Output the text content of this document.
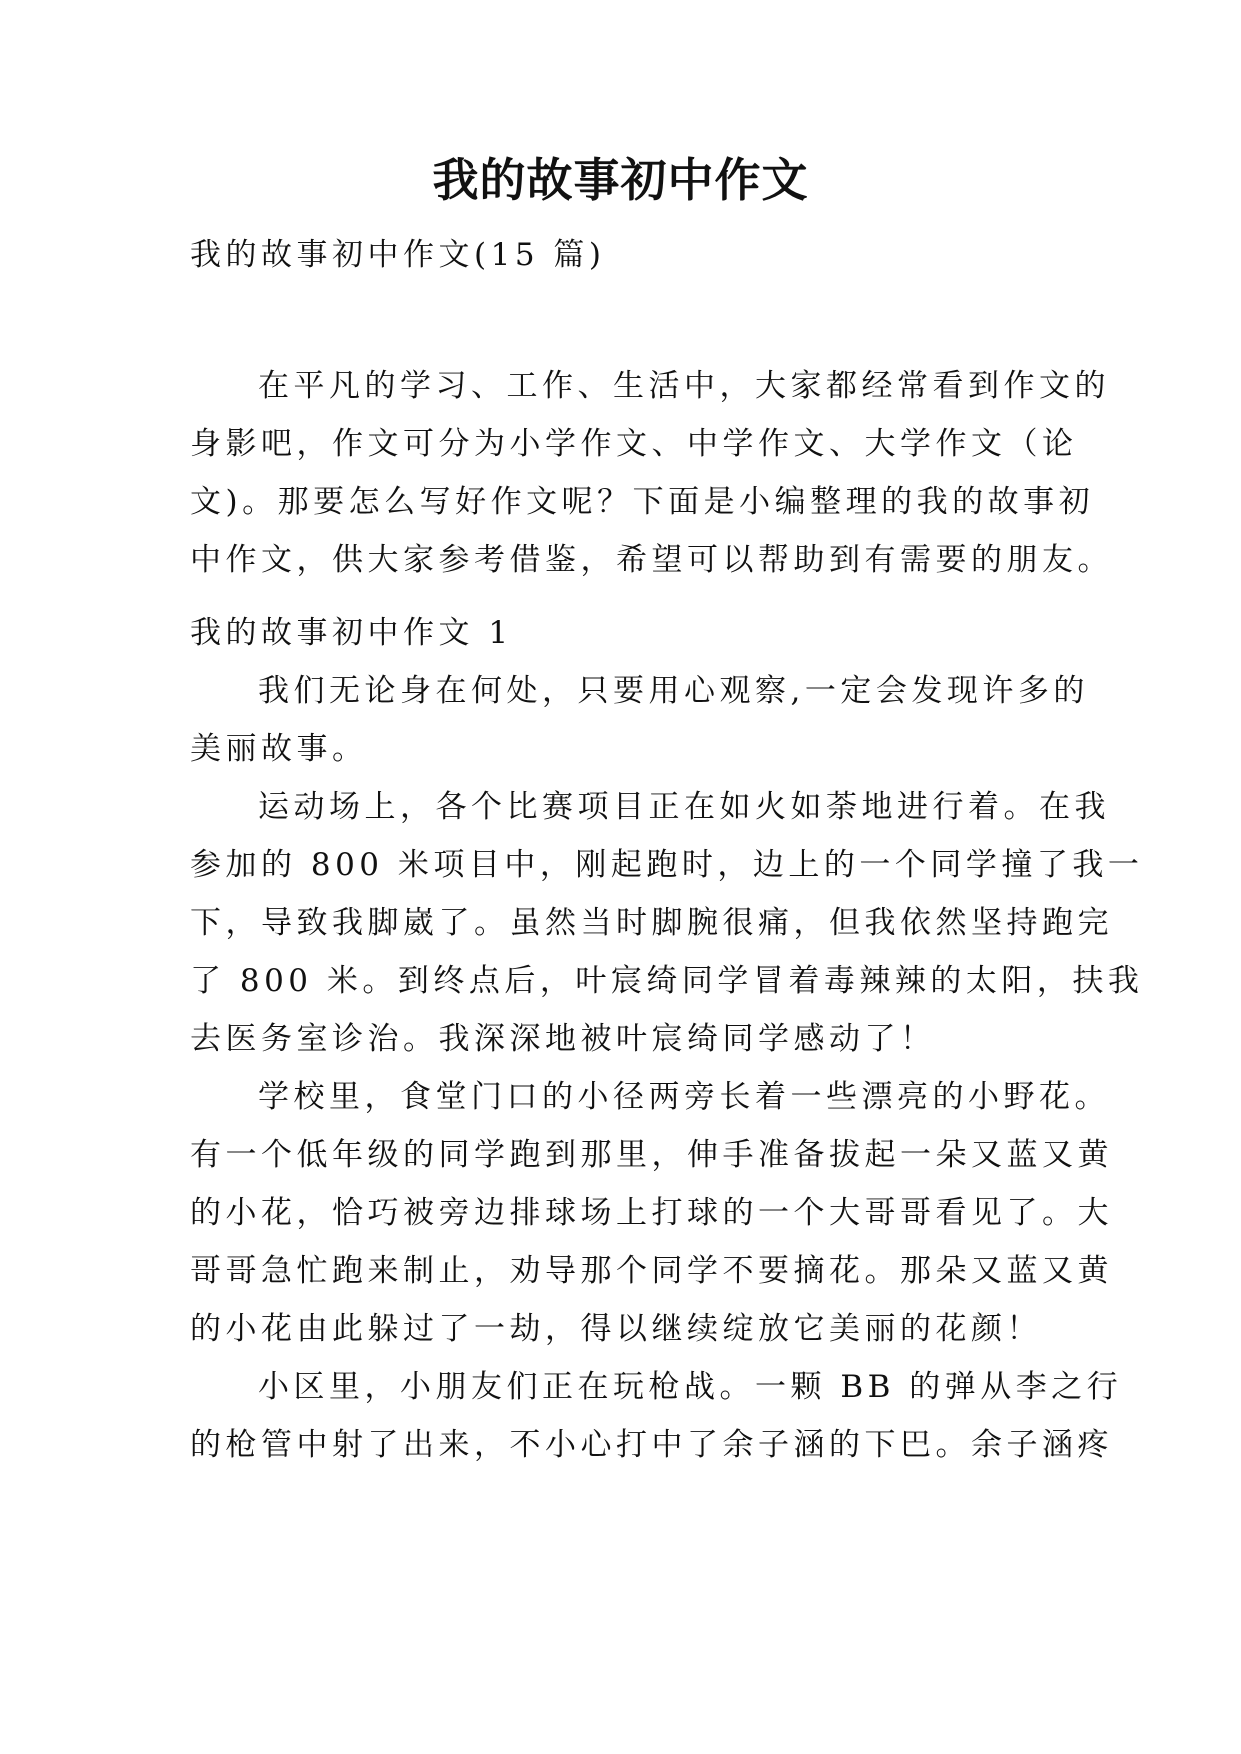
我的故事初中作文
我的故事初中作文(15 篇)
在平凡的学习、工作、生活中，大家都经常看到作文的
身影吧，作文可分为小学作文、中学作文、大学作文（论
文)。那要怎么写好作文呢？下面是小编整理的我的故事初
中作文，供大家参考借鉴，希望可以帮助到有需要的朋友。
我的故事初中作文 1
我们无论身在何处，只要用心观察,一定会发现许多的
美丽故事。
运动场上，各个比赛项目正在如火如荼地进行着。在我
参加的 800 米项目中，刚起跑时，边上的一个同学撞了我一
下，导致我脚崴了。虽然当时脚腕很痛，但我依然坚持跑完
了 800 米。到终点后，叶宸绮同学冒着毒辣辣的太阳，扶我
去医务室诊治。我深深地被叶宸绮同学感动了！
学校里，食堂门口的小径两旁长着一些漂亮的小野花。
有一个低年级的同学跑到那里，伸手准备拔起一朵又蓝又黄
的小花，恰巧被旁边排球场上打球的一个大哥哥看见了。大
哥哥急忙跑来制止，劝导那个同学不要摘花。那朵又蓝又黄
的小花由此躲过了一劫，得以继续绽放它美丽的花颜！
小区里，小朋友们正在玩枪战。一颗 BB 的弹从李之行
的枪管中射了出来，不小心打中了余子涵的下巴。余子涵疼
